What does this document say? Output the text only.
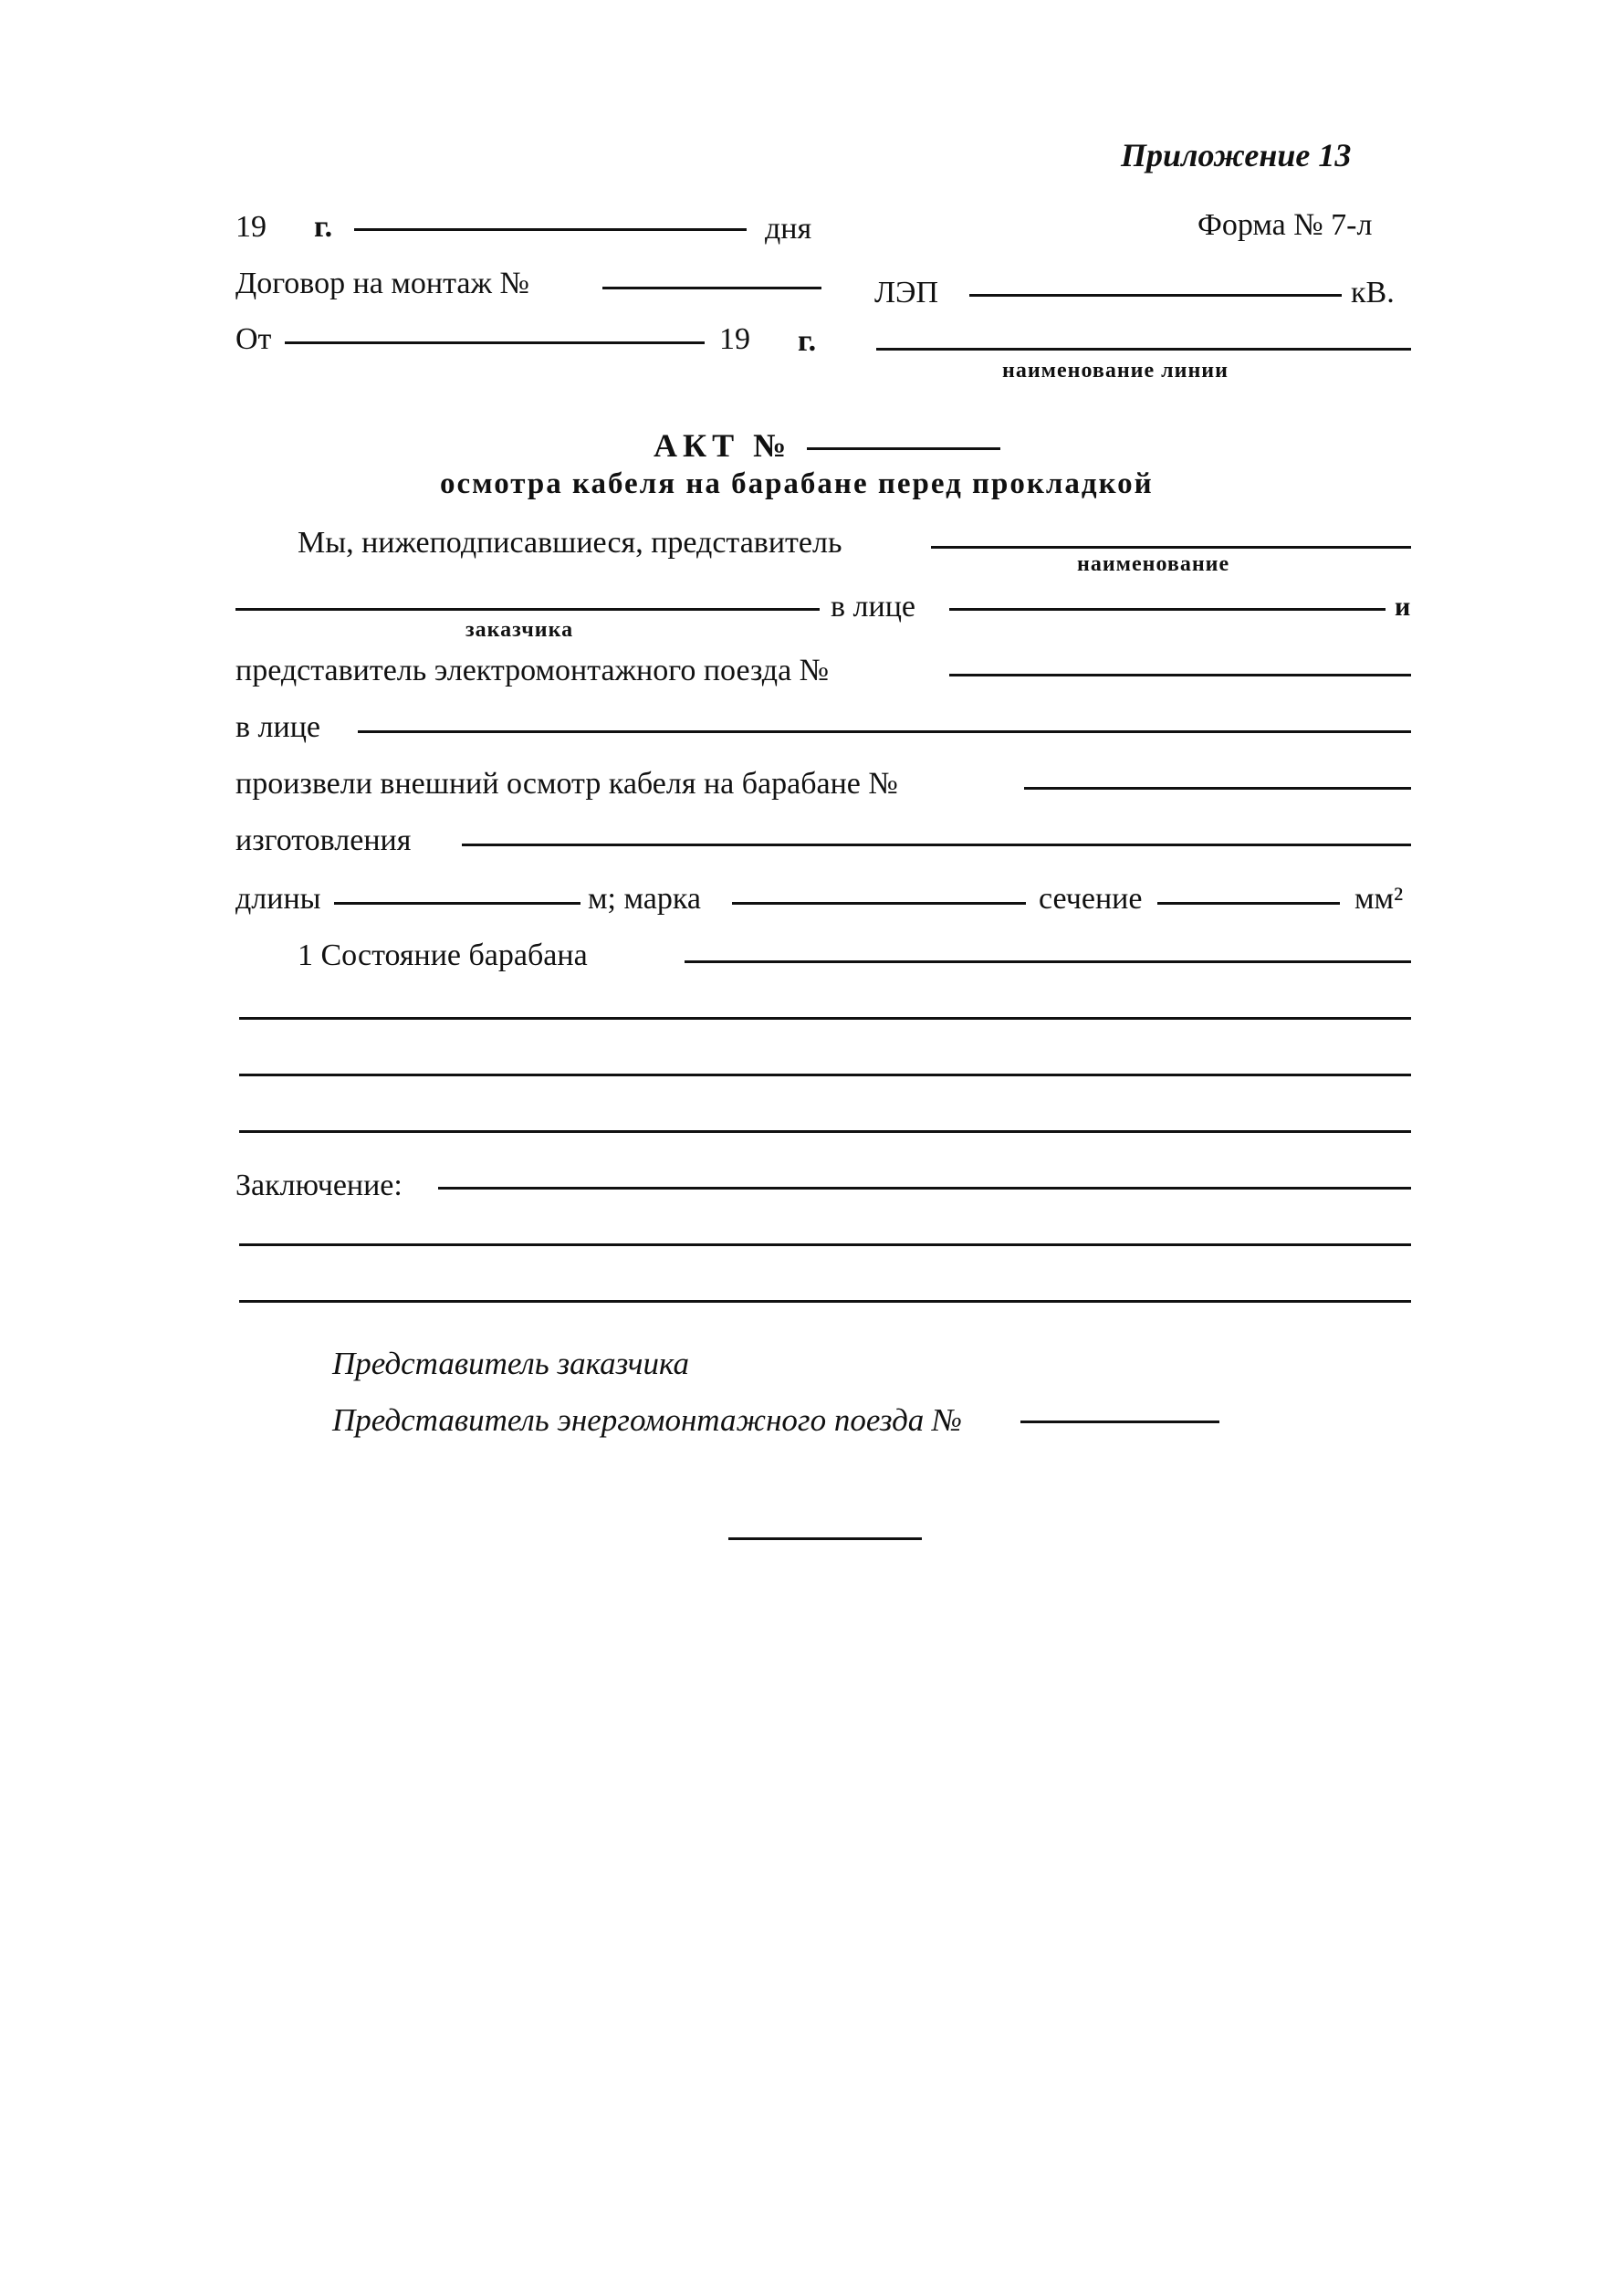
Приложение 13
19 г.	дня	Форма № 7-л
Договор на монтаж №	ЛЭП	кВ.
От	19 г.
наименование линии
АКТ №
осмотра кабеля на барабане перед прокладкой
Мы, нижеподписавшиеся, представитель
наименование
в лице	и
заказчика
представитель электромонтажного поезда №
в лице
произвели внешний осмотр кабеля на барабане №
изготовления
длины	м; марка	сечение	мм²
1 Состояние барабана
Заключение:
Представитель заказчика
Представитель энергомонтажного поезда №
